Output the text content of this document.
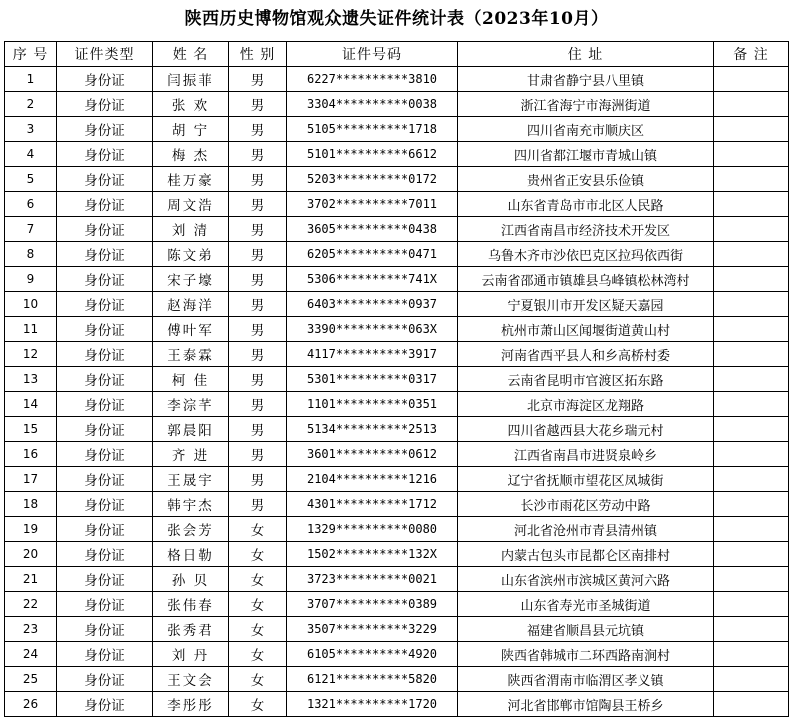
陕西历史博物馆观众遗失证件统计表（2023年10月）
序 号	证件类型	姓 名	性 别	证件号码	住 址	备 注
1	身份证	闫振菲	男	6227**********3810	甘肃省静宁县八里镇	
2	身份证	张 欢	男	3304**********0038	浙江省海宁市海洲街道	
3	身份证	胡 宁	男	5105**********1718	四川省南充市顺庆区	
4	身份证	梅 杰	男	5101**********6612	四川省都江堰市青城山镇	
5	身份证	桂万豪	男	5203**********0172	贵州省正安县乐俭镇	
6	身份证	周文浩	男	3702**********7011	山东省青岛市市北区人民路	
7	身份证	刘 清	男	3605**********0438	江西省南昌市经济技术开发区	
8	身份证	陈文弟	男	6205**********0471	乌鲁木齐市沙依巴克区拉玛依西街	
9	身份证	宋子壕	男	5306**********741X	云南省邵通市镇雄县乌峰镇松林湾村	
10	身份证	赵海洋	男	6403**********0937	宁夏银川市开发区疑天嘉园	
11	身份证	傅叶军	男	3390**********063X	杭州市萧山区闻堰街道黄山村	
12	身份证	王泰霖	男	4117**********3917	河南省西平县人和乡高桥村委	
13	身份证	柯 佳	男	5301**********0317	云南省昆明市官渡区拓东路	
14	身份证	李淙芊	男	1101**********0351	北京市海淀区龙翔路	
15	身份证	郭晨阳	男	5134**********2513	四川省越西县大花乡瑞元村	
16	身份证	齐 进	男	3601**********0612	江西省南昌市进贤泉岭乡	
17	身份证	王晟宇	男	2104**********1216	辽宁省抚顺市望花区凤城街	
18	身份证	韩宇杰	男	4301**********1712	长沙市雨花区劳动中路	
19	身份证	张会芳	女	1329**********0080	河北省沧州市青县清州镇	
20	身份证	格日勒	女	1502**********132X	内蒙古包头市昆都仑区南排村	
21	身份证	孙 贝	女	3723**********0021	山东省滨州市滨城区黄河六路	
22	身份证	张伟春	女	3707**********0389	山东省寿光市圣城街道	
23	身份证	张秀君	女	3507**********3229	福建省顺昌县元坑镇	
24	身份证	刘 丹	女	6105**********4920	陕西省韩城市二环西路南涧村	
25	身份证	王文会	女	6121**********5820	陕西省渭南市临渭区孝义镇	
26	身份证	李彤彤	女	1321**********1720	河北省邯郸市馆陶县王桥乡	
